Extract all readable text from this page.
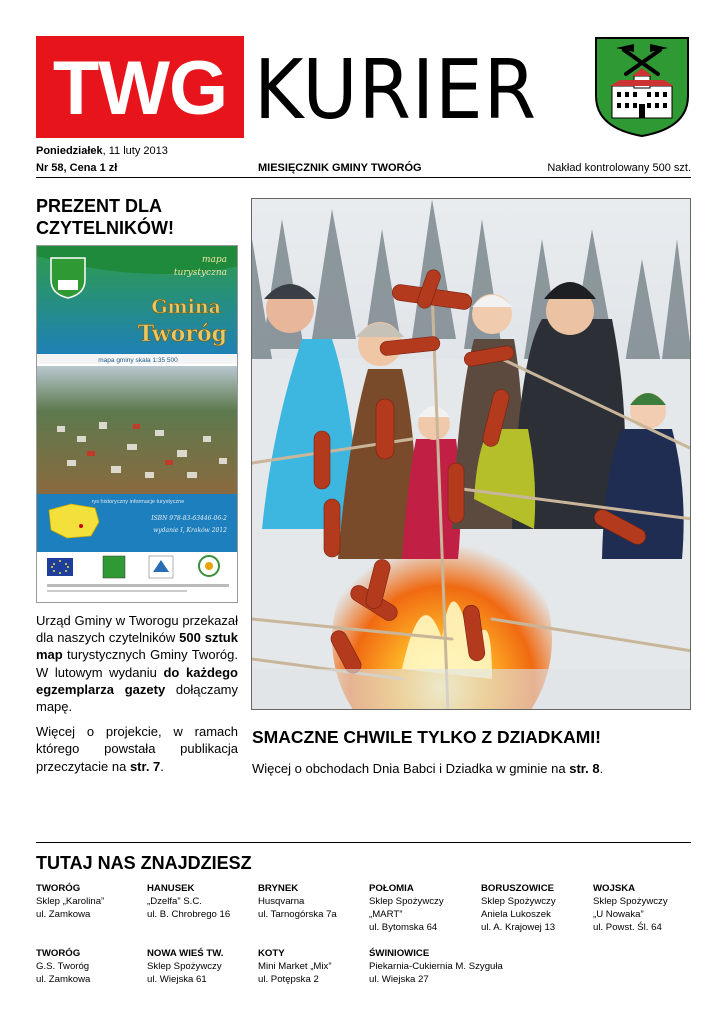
TWG KURIER
Poniedziałek, 11 luty 2013
Nr 58, Cena 1 zł	MIESIĘCZNIK GMINY TWORÓG	Nakład kontrolowany 500 szt.
PREZENT DLA CZYTELNIKÓW!
mapa
turystyczna
Gmina
Tworóg
mapa gminy skala 1:35 500
rys historyczny informacje turystyczne
ISBN 978-83-63446-06-2
wydanie I, Kraków 2012

Urząd Gminy w Tworogu przekazał dla naszych czytelników 500 sztuk map turystycznych Gminy Tworóg. W lutowym wydaniu do każdego egzemplarza gazety dołączamy mapę.

Więcej o projekcie, w ramach którego powstała publikacja przeczytacie na str. 7.

SMACZNE CHWILE TYLKO Z DZIADKAMI!
Więcej o obchodach Dnia Babci i Dziadka w gminie na str. 8.
TUTAJ NAS ZNAJDZIESZ
TWORÓG
Sklep „Karolina”
ul. Zamkowa
HANUSEK
„Dzelfa” S.C.
ul. B. Chrobrego 16
BRYNEK
Husqvarna
ul. Tarnogórska 7a
POŁOMIA
Sklep Spożywczy
„MART”
ul. Bytomska 64
BORUSZOWICE
Sklep Spożywczy
Aniela Lukoszek
ul. A. Krajowej 13
WOJSKA
Sklep Spożywczy
„U Nowaka”
ul. Powst. Śl. 64
TWORÓG
G.S. Tworóg
ul. Zamkowa
NOWA WIEŚ TW.
Sklep Spożywczy
ul. Wiejska 61
KOTY
Mini Market „Mix”
ul. Potępska 2
ŚWINIOWICE
Piekarnia-Cukiernia M. Szyguła
ul. Wiejska 27
